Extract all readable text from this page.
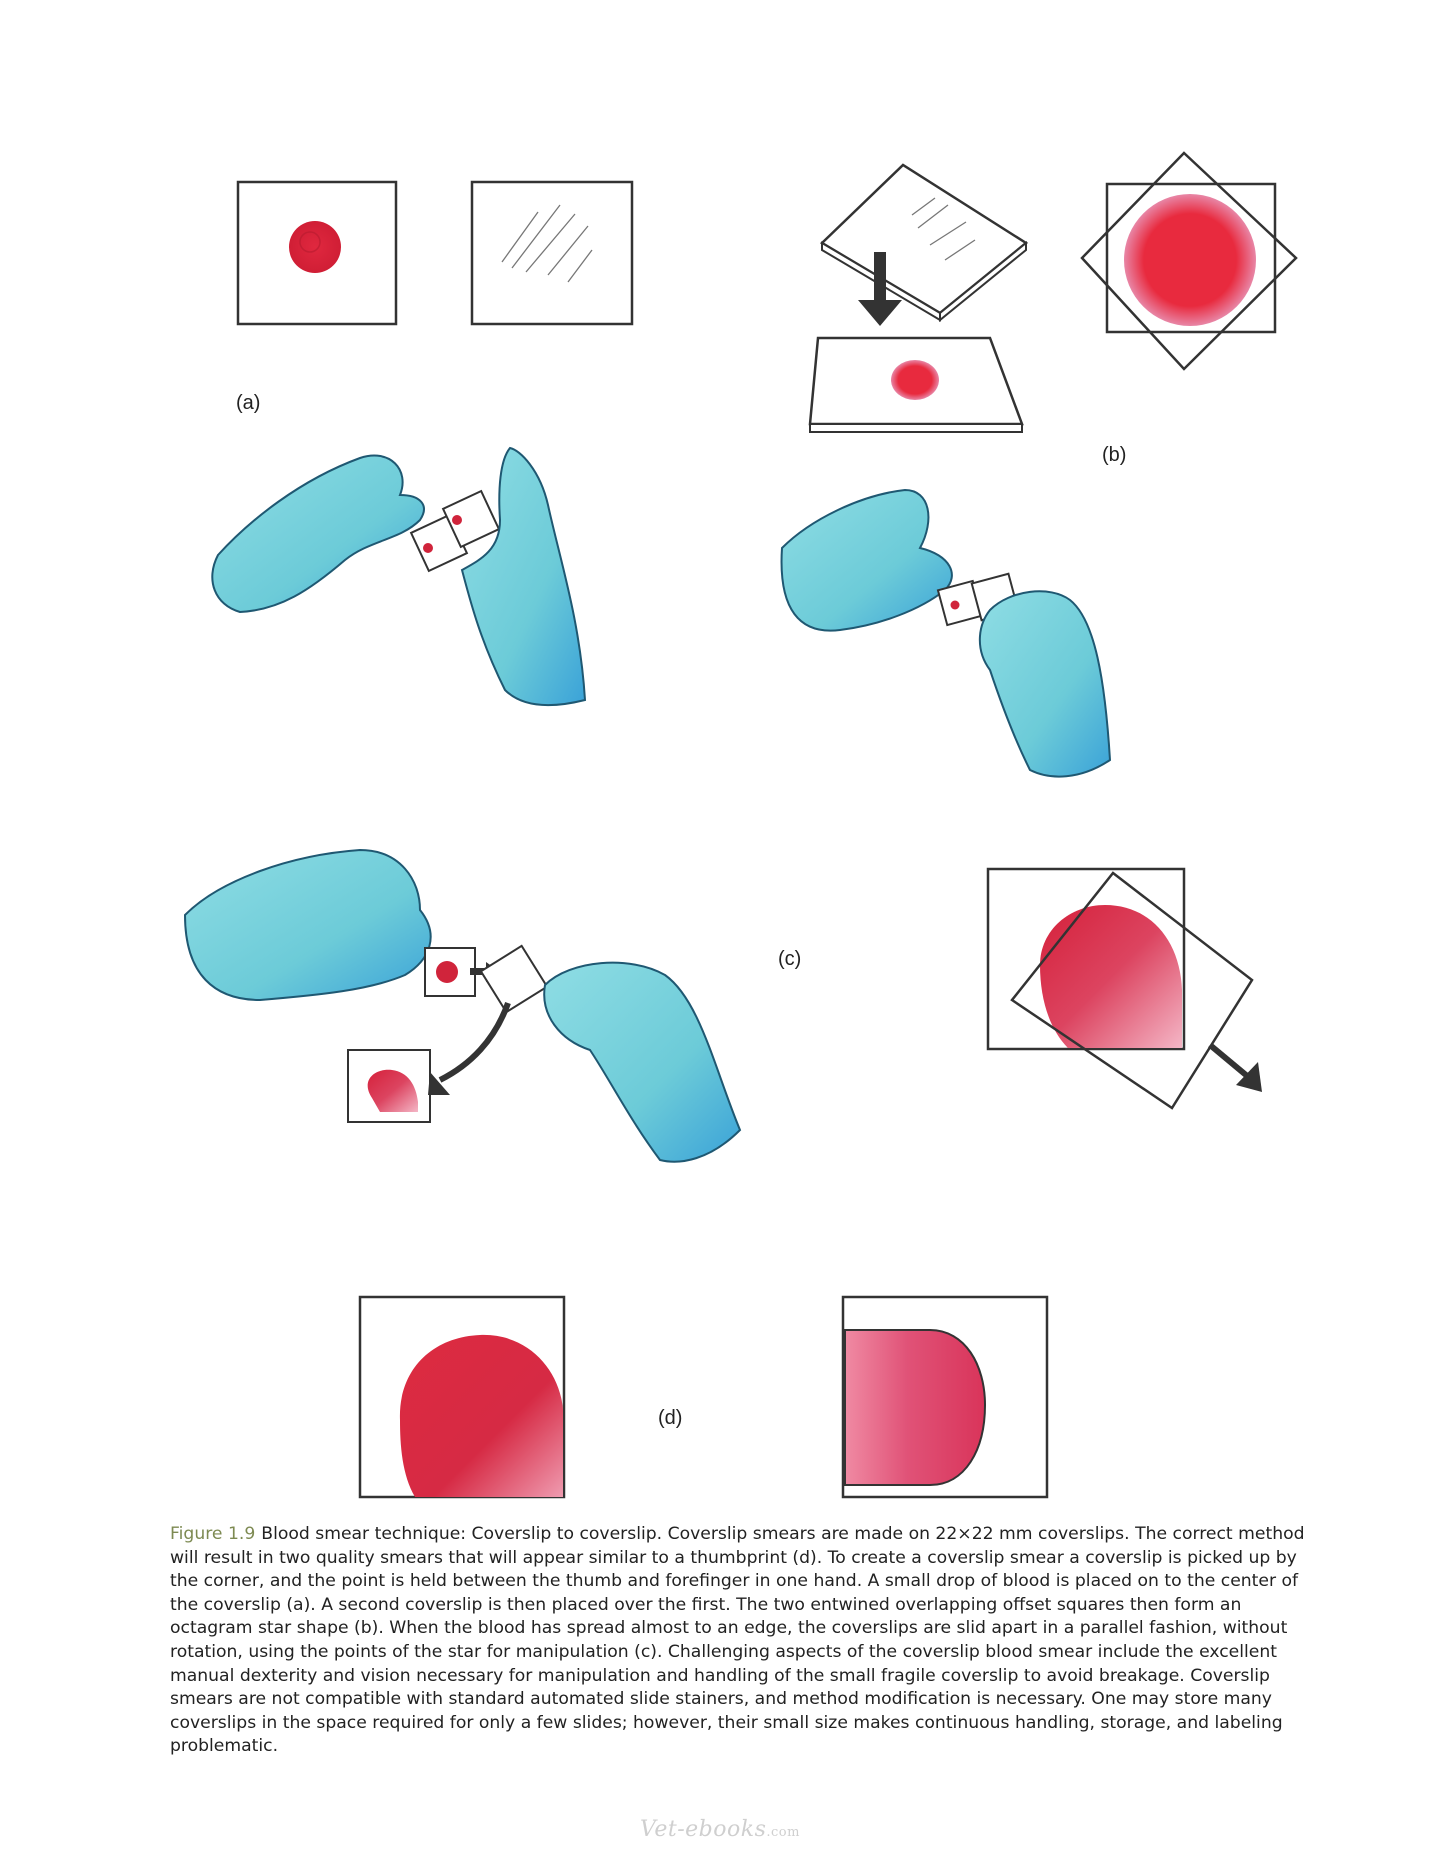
(a)
(b)
(c)
(d)
Figure 1.9 Blood smear technique: Coverslip to coverslip. Coverslip smears are made on 22×22 mm coverslips. The correct method will result in two quality smears that will appear similar to a thumbprint (d). To create a coverslip smear a coverslip is picked up by the corner, and the point is held between the thumb and forefinger in one hand. A small drop of blood is placed on to the center of the coverslip (a). A second coverslip is then placed over the first. The two entwined overlapping offset squares then form an octagram star shape (b). When the blood has spread almost to an edge, the coverslips are slid apart in a parallel fashion, without rotation, using the points of the star for manipulation (c). Challenging aspects of the coverslip blood smear include the excellent manual dexterity and vision necessary for manipulation and handling of the small fragile coverslip to avoid breakage. Coverslip smears are not compatible with standard automated slide stainers, and method modification is necessary. One may store many coverslips in the space required for only a few slides; however, their small size makes continuous handling, storage, and labeling problematic.
Vet-ebooks.com
